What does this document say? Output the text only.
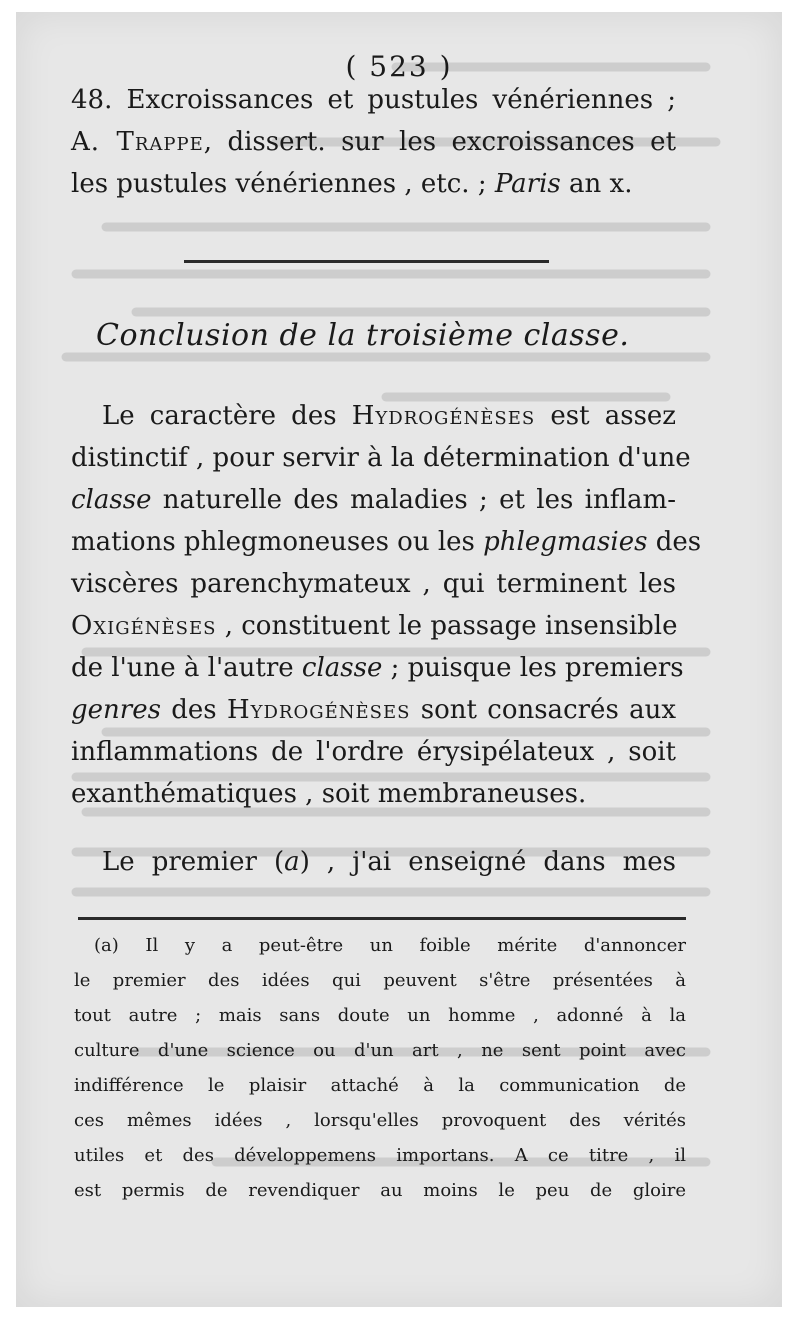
( 523 )
48. Excroissances et pustules vénériennes ;
A. Trappe, dissert. sur les excroissances et
les pustules vénériennes , etc. ; Paris an x.
Conclusion de la troisième classe.
Le caractère des Hydrogénèses est assez
distinctif , pour servir à la détermination d'une
classe naturelle des maladies ; et les inflam-
mations phlegmoneuses ou les phlegmasies des
viscères parenchymateux , qui terminent les
Oxigénèses , constituent le passage insensible
de l'une à l'autre classe ; puisque les premiers
genres des Hydrogénèses sont consacrés aux
inflammations de l'ordre érysipélateux , soit
exanthématiques , soit membraneuses.
Le premier (a) , j'ai enseigné dans mes
(a) Il y a peut-être un foible mérite d'annoncer
le premier des idées qui peuvent s'être présentées à
tout autre ; mais sans doute un homme , adonné à la
culture d'une science ou d'un art , ne sent point avec
indifférence le plaisir attaché à la communication de
ces mêmes idées , lorsqu'elles provoquent des vérités
utiles et des développemens importans. A ce titre , il
est permis de revendiquer au moins le peu de gloire
